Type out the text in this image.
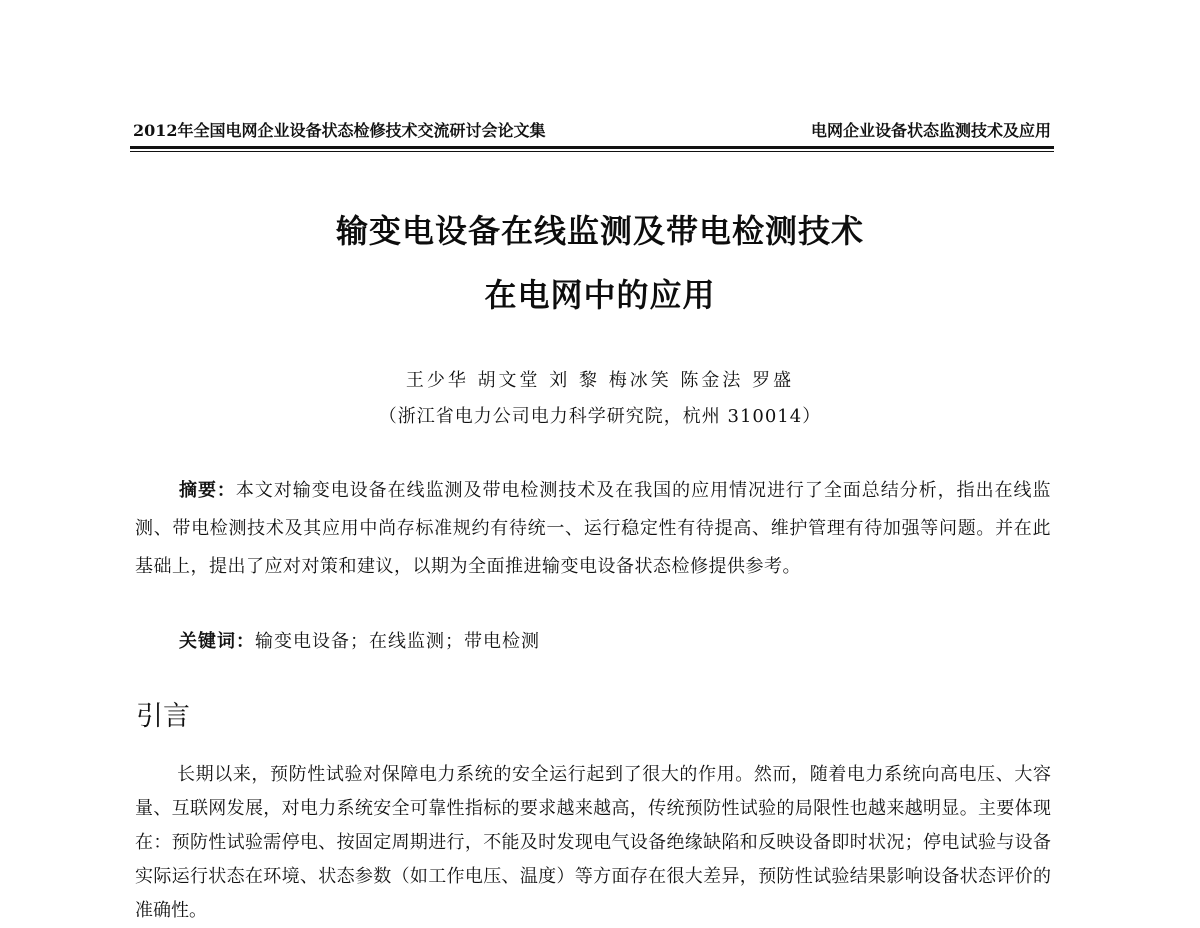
2012年全国电网企业设备状态检修技术交流研讨会论文集	电网企业设备状态监测技术及应用
输变电设备在线监测及带电检测技术
在电网中的应用
王少华 胡文堂 刘 黎 梅冰笑 陈金法 罗盛
（浙江省电力公司电力科学研究院，杭州 310014）
摘要：本文对输变电设备在线监测及带电检测技术及在我国的应用情况进行了全面总结分析，指出在线监测、带电检测技术及其应用中尚存标准规约有待统一、运行稳定性有待提高、维护管理有待加强等问题。并在此基础上，提出了应对对策和建议，以期为全面推进输变电设备状态检修提供参考。
关键词：输变电设备；在线监测；带电检测
引言
长期以来，预防性试验对保障电力系统的安全运行起到了很大的作用。然而，随着电力系统向高电压、大容量、互联网发展，对电力系统安全可靠性指标的要求越来越高，传统预防性试验的局限性也越来越明显。主要体现在：预防性试验需停电、按固定周期进行，不能及时发现电气设备绝缘缺陷和反映设备即时状况；停电试验与设备实际运行状态在环境、状态参数（如工作电压、温度）等方面存在很大差异，预防性试验结果影响设备状态评价的准确性。
